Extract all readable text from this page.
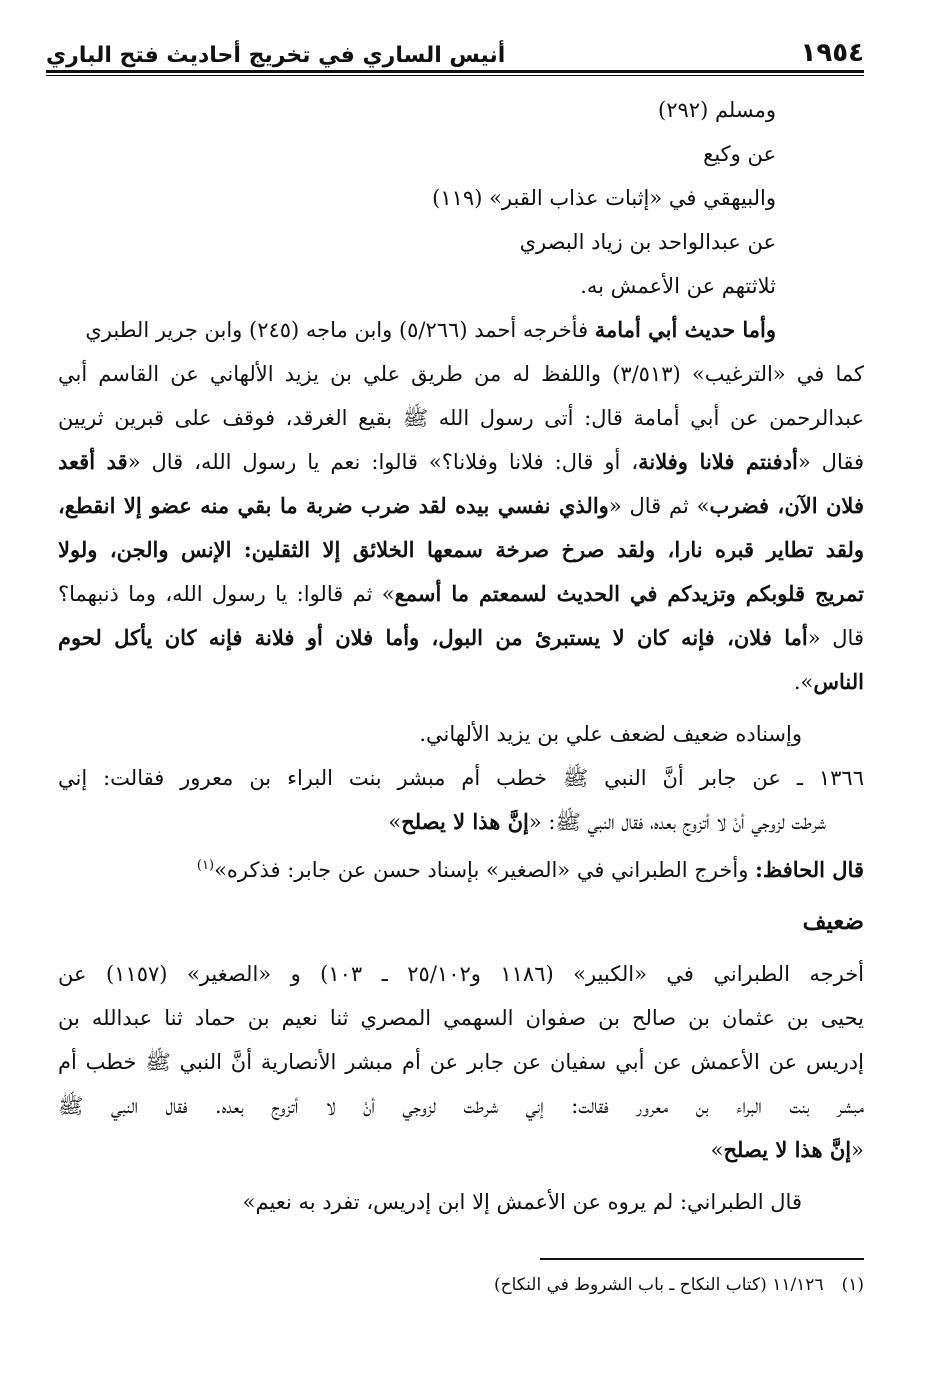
١٩٥٤
أنيس الساري في تخريج أحاديث فتح الباري
ومسلم (٢٩٢)
عن وكيع
والبيهقي في «إثبات عذاب القبر» (١١٩)
عن عبدالواحد بن زياد البصري
ثلاثتهم عن الأعمش به.
وأما حديث أبي أمامة فأخرجه أحمد (٥/٢٦٦) وابن ماجه (٢٤٥) وابن جرير الطبري
كما في «الترغيب» (٣/٥١٣) واللفظ له من طريق علي بن يزيد الألهاني عن القاسم أبي
عبدالرحمن عن أبي أمامة قال: أتى رسول الله ﷺ بقيع الغرقد، فوقف على قبرين ثريين
فقال «أدفنتم فلانا وفلانة، أو قال: فلانا وفلانا؟» قالوا: نعم يا رسول الله، قال «قد أقعد
فلان الآن، فضرب» ثم قال «والذي نفسي بيده لقد ضرب ضربة ما بقي منه عضو إلا انقطع،
ولقد تطاير قبره نارا، ولقد صرخ صرخة سمعها الخلائق إلا الثقلين: الإنس والجن، ولولا
تمريج قلوبكم وتزيدكم في الحديث لسمعتم ما أسمع» ثم قالوا: يا رسول الله، وما ذنبهما؟
قال «أما فلان، فإنه كان لا يستبرئ من البول، وأما فلان أو فلانة فإنه كان يأكل لحوم
الناس».
وإسناده ضعيف لضعف علي بن يزيد الألهاني.
١٣٦٦ ـ عن جابر أنَّ النبي ﷺ خطب أم مبشر بنت البراء بن معرور فقالت: إني
شرطت لزوجي أنْ لا أتزوج بعده، فقال النبي ﷺ: «إنَّ هذا لا يصلح»
قال الحافظ: وأخرج الطبراني في «الصغير» بإسناد حسن عن جابر: فذكره»$^{(١)}$
ضعيف
أخرجه الطبراني في «الكبير» (١١٨٦ و٢٥/١٠٢ ـ ١٠٣) و «الصغير» (١١٥٧) عن
يحيى بن عثمان بن صالح بن صفوان السهمي المصري ثنا نعيم بن حماد ثنا عبدالله بن
إدريس عن الأعمش عن أبي سفيان عن جابر عن أم مبشر الأنصارية أنَّ النبي ﷺ خطب أم
مبشر بنت البراء بن معرور فقالت: إني شرطت لزوجي أنْ لا أتزوج بعده. فقال النبي ﷺ
«إنَّ هذا لا يصلح»
قال الطبراني: لم يروه عن الأعمش إلا ابن إدريس، تفرد به نعيم»
(١)١١/١٢٦ (كتاب النكاح ـ باب الشروط في النكاح)
